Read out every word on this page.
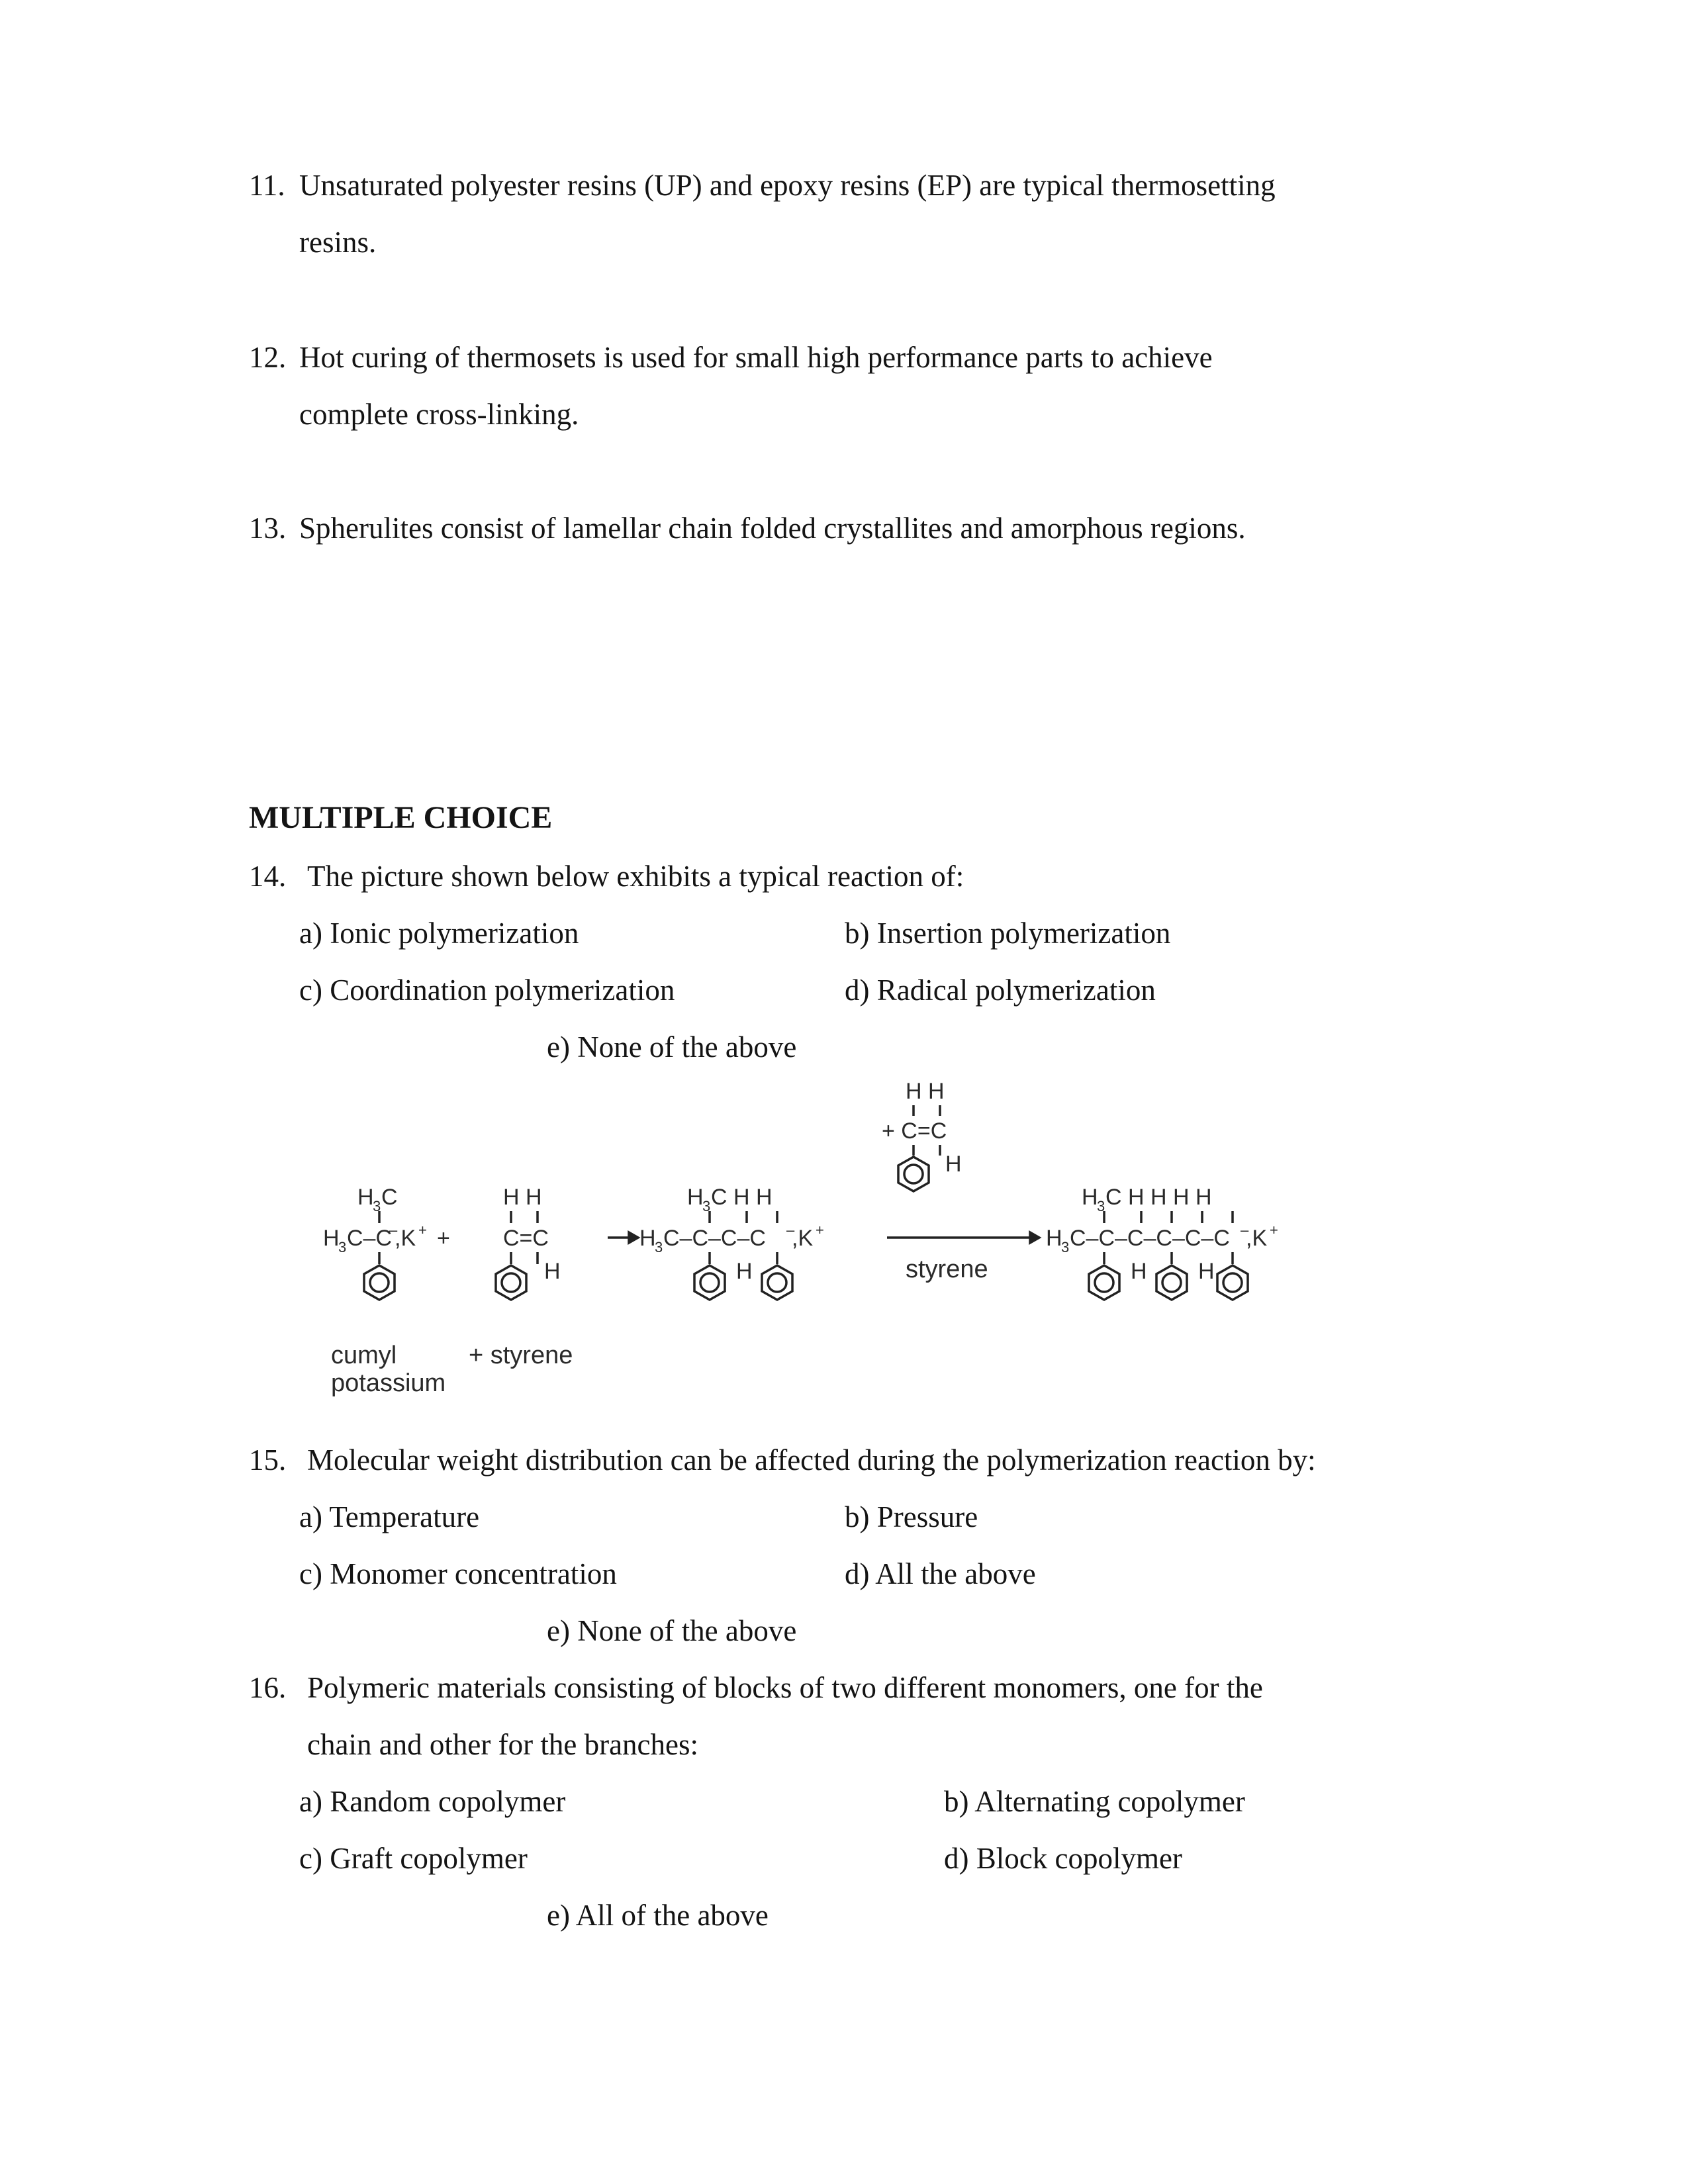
11. Unsaturated polyester resins (UP) and epoxy resins (EP) are typical thermosetting
resins.
12. Hot curing of thermosets is used for small high performance parts to achieve
complete cross-linking.
13. Spherulites consist of lamellar chain folded crystallites and amorphous regions.
MULTIPLE CHOICE
14. The picture shown below exhibits a typical reaction of:
a) Ionic polymerization	b) Insertion polymerization
c) Coordination polymerization	d) Radical polymerization
e) None of the above
H
3 C
H
3 C–C
–
,K + +
H H
C=C
H
H
3 C H H
H
3 C–C–C–C –
,K +
H
H H
+ C=C
H
styrene
H
3 C H H H H
H
3 C–C–C–C–C–C –
,K +
H H
cumyl
potassium
+ styrene
15. Molecular weight distribution can be affected during the polymerization reaction by:
a) Temperature	b) Pressure
c) Monomer concentration	d) All the above
e) None of the above
16. Polymeric materials consisting of blocks of two different monomers, one for the
chain and other for the branches:
a) Random copolymer	b) Alternating copolymer
c) Graft copolymer	d) Block copolymer
e) All of the above
